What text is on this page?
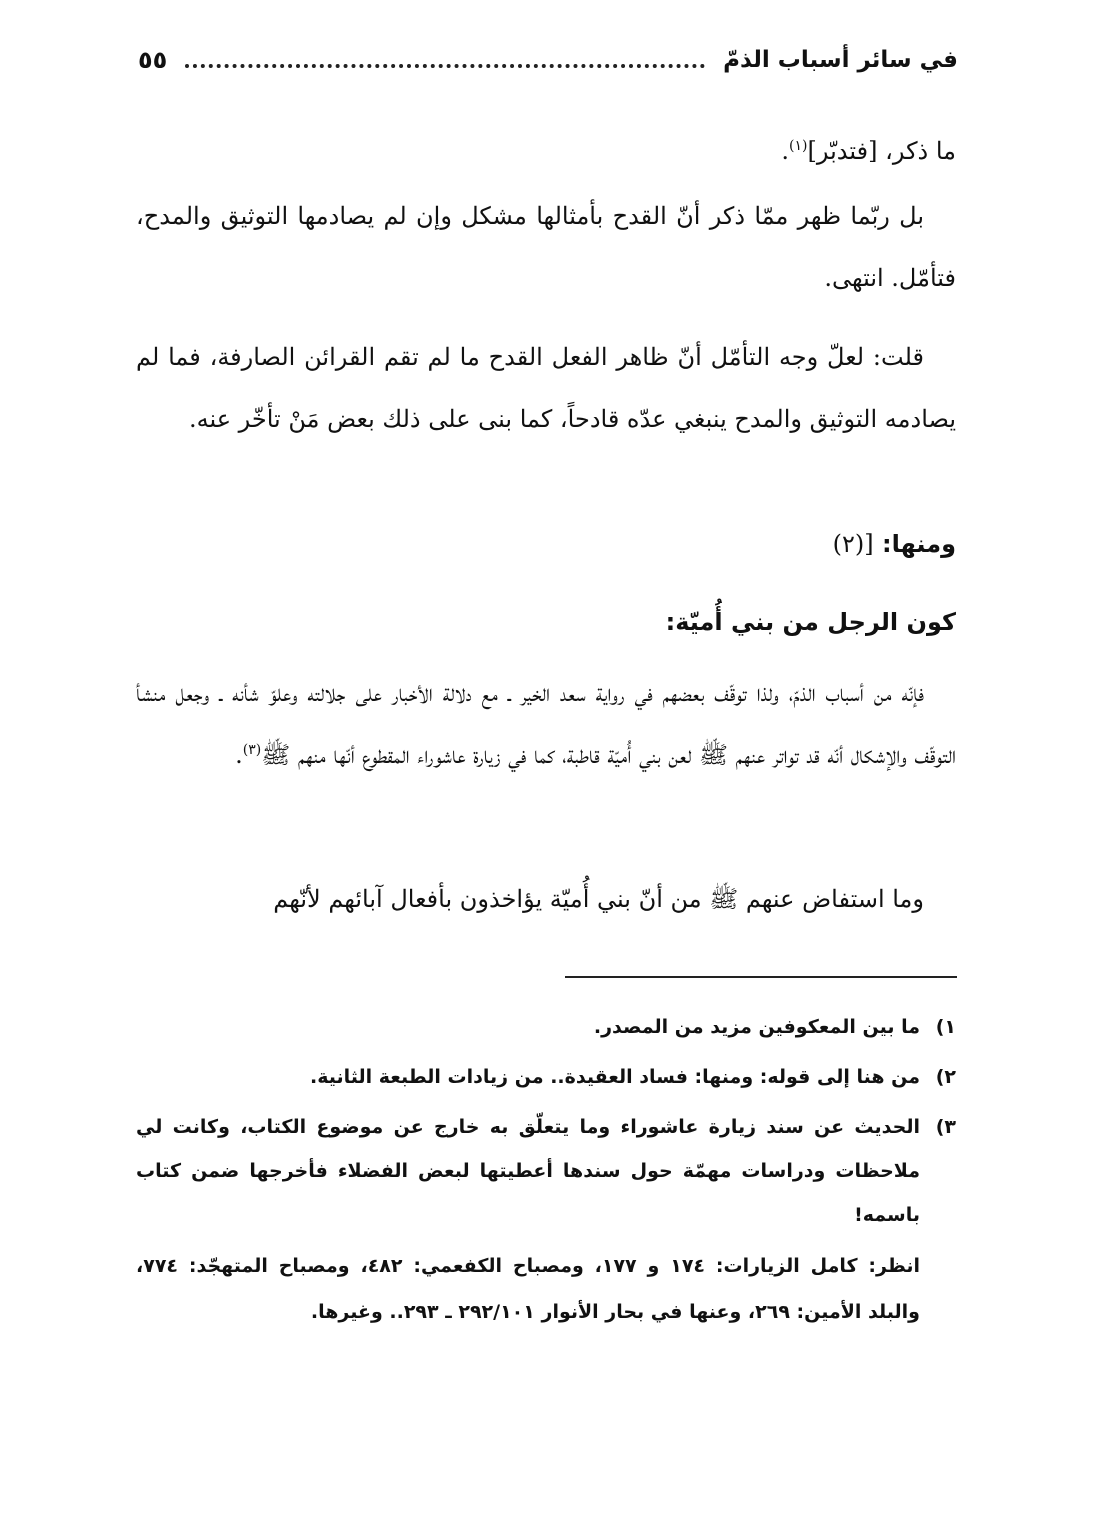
في سائر أسباب الذمّ
٥٥
ما ذكر، [فتدبّر]$^{(١)}$.
بل ربّما ظهر ممّا ذكر أنّ القدح بأمثالها مشكل وإن لم يصادمها التوثيق والمدح، فتأمّل. انتهى.
قلت: لعلّ وجه التأمّل أنّ ظاهر الفعل القدح ما لم تقم القرائن الصارفة، فما لم يصادمه التوثيق والمدح ينبغي عدّه قادحاً، كما بنى على ذلك بعض مَنْ تأخّر عنه.
ومنها: [(٢)
كون الرجل من بني أُميّة:
فإنّه من أسباب الذمّ، ولذا توقّف بعضهم في رواية سعد الخير ـ مع دلالة الأخبار على جلالته وعلوّ شأنه ـ وجعل منشأ التوقّف والإشكال أنّه قد تواتر عنهم ﷺ لعن بني أُميّة قاطبة، كما في زيارة عاشوراء المقطوع أنّها منهم ﷺ$^{(٣)}$.
وما استفاض عنهم ﷺ من أنّ بني أُميّة يؤاخذون بأفعال آبائهم لأنّهم
١)
ما بين المعكوفين مزيد من المصدر.
٢)
من هنا إلى قوله: ومنها: فساد العقيدة.. من زيادات الطبعة الثانية.
٣)
الحديث عن سند زيارة عاشوراء وما يتعلّق به خارج عن موضوع الكتاب، وكانت لي ملاحظات ودراسات مهمّة حول سندها أعطيتها لبعض الفضلاء فأخرجها ضمن كتاب باسمه!
انظر: كامل الزيارات: ١٧٤ و ١٧٧، ومصباح الكفعمي: ٤٨٢، ومصباح المتهجّد: ٧٧٤، والبلد الأمين: ٢٦٩، وعنها في بحار الأنوار ٢٩٢/١٠١ ـ ٢٩٣.. وغيرها.
